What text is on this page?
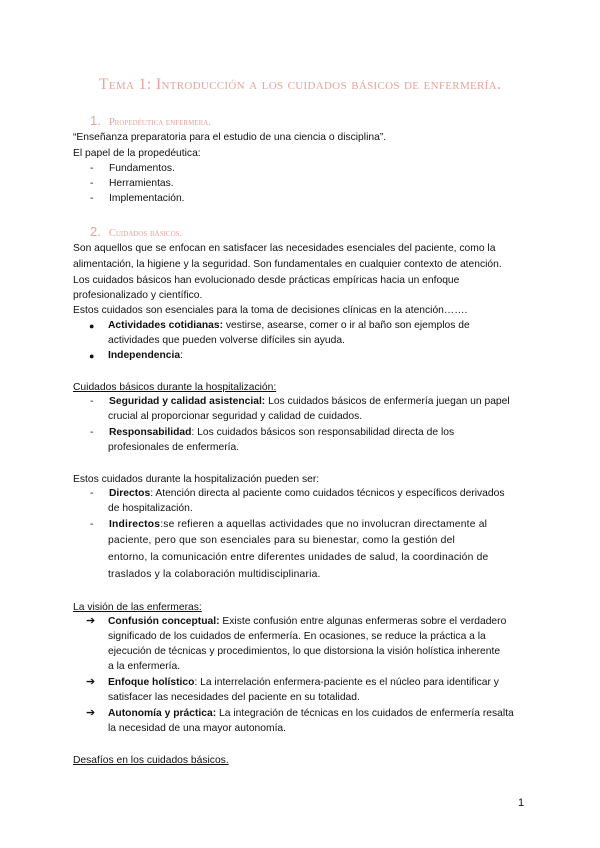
Tema 1: Introducción a los cuidados básicos de enfermería.
1. Propedéutica enfermera.
“Enseñanza preparatoria para el estudio de una ciencia o disciplina”.
El papel de la propedéutica:
- Fundamentos.
- Herramientas.
- Implementación.
2. Cuidados básicos.
Son aquellos que se enfocan en satisfacer las necesidades esenciales del paciente, como la
alimentación, la higiene y la seguridad. Son fundamentales en cualquier contexto de atención.
Los cuidados básicos han evolucionado desde prácticas empíricas hacia un enfoque
profesionalizado y científico.
Estos cuidados son esenciales para la toma de decisiones clínicas en la atención…….
● Actividades cotidianas: vestirse, asearse, comer o ir al baño son ejemplos de
actividades que pueden volverse difíciles sin ayuda.
● Independencia:
Cuidados básicos durante la hospitalización:
- Seguridad y calidad asistencial: Los cuidados básicos de enfermería juegan un papel
crucial al proporcionar seguridad y calidad de cuidados.
- Responsabilidad: Los cuidados básicos son responsabilidad directa de los
profesionales de enfermería.
Estos cuidados durante la hospitalización pueden ser:
- Directos: Atención directa al paciente como cuidados técnicos y específicos derivados
de hospitalización.
- Indirectos:se refieren a aquellas actividades que no involucran directamente al
paciente, pero que son esenciales para su bienestar, como la gestión del
entorno, la comunicación entre diferentes unidades de salud, la coordinación de
traslados y la colaboración multidisciplinaria.
La visión de las enfermeras:
➔ Confusión conceptual: Existe confusión entre algunas enfermeras sobre el verdadero
significado de los cuidados de enfermería. En ocasiones, se reduce la práctica a la
ejecución de técnicas y procedimientos, lo que distorsiona la visión holística inherente
a la enfermería.
➔ Enfoque holístico: La interrelación enfermera-paciente es el núcleo para identificar y
satisfacer las necesidades del paciente en su totalidad.
➔ Autonomía y práctica: La integración de técnicas en los cuidados de enfermería resalta
la necesidad de una mayor autonomía.
Desafíos en los cuidados básicos.
1
